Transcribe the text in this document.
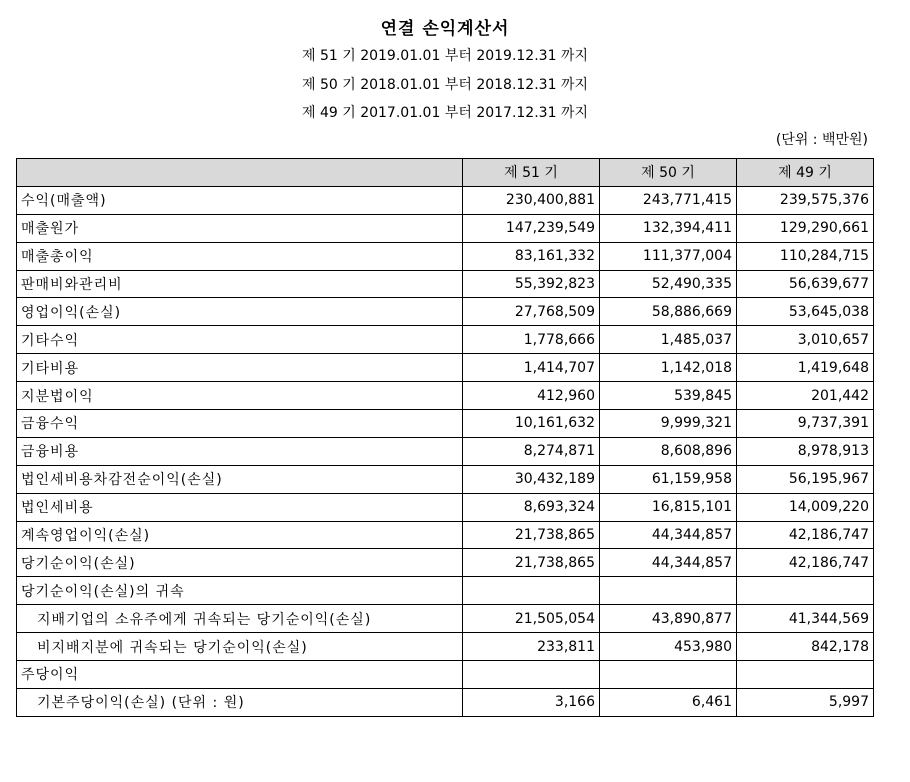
연결 손익계산서
제 51 기 2019.01.01 부터 2019.12.31 까지
제 50 기 2018.01.01 부터 2018.12.31 까지
제 49 기 2017.01.01 부터 2017.12.31 까지
(단위 : 백만원)
	제 51 기	제 50 기	제 49 기
수익(매출액)	230,400,881	243,771,415	239,575,376
매출원가	147,239,549	132,394,411	129,290,661
매출총이익	83,161,332	111,377,004	110,284,715
판매비와관리비	55,392,823	52,490,335	56,639,677
영업이익(손실)	27,768,509	58,886,669	53,645,038
기타수익	1,778,666	1,485,037	3,010,657
기타비용	1,414,707	1,142,018	1,419,648
지분법이익	412,960	539,845	201,442
금융수익	10,161,632	9,999,321	9,737,391
금융비용	8,274,871	8,608,896	8,978,913
법인세비용차감전순이익(손실)	30,432,189	61,159,958	56,195,967
법인세비용	8,693,324	16,815,101	14,009,220
계속영업이익(손실)	21,738,865	44,344,857	42,186,747
당기순이익(손실)	21,738,865	44,344,857	42,186,747
당기순이익(손실)의 귀속			
지배기업의 소유주에게 귀속되는 당기순이익(손실)	21,505,054	43,890,877	41,344,569
비지배지분에 귀속되는 당기순이익(손실)	233,811	453,980	842,178
주당이익			
기본주당이익(손실) (단위 : 원)	3,166	6,461	5,997
